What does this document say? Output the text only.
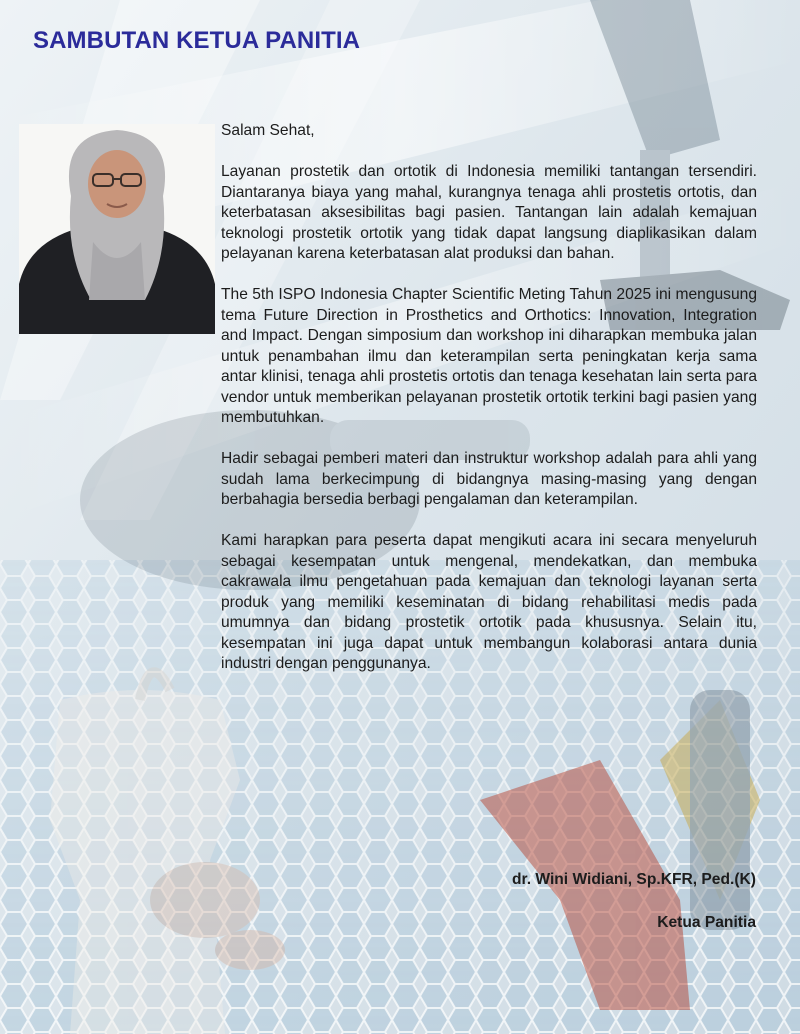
SAMBUTAN KETUA PANITIA

Salam Sehat,

Layanan prostetik dan ortotik di Indonesia memiliki tantangan tersendiri. Diantaranya biaya yang mahal, kurangnya tenaga ahli prostetis ortotis, dan keterbatasan aksesibilitas bagi pasien. Tantangan lain adalah kemajuan teknologi prostetik ortotik yang tidak dapat langsung diaplikasikan dalam pelayanan karena keterbatasan alat produksi dan bahan.

The 5th ISPO Indonesia Chapter Scientific Meting Tahun 2025 ini mengusung tema Future Direction in Prosthetics and Orthotics: Innovation, Integration and Impact. Dengan simposium dan workshop ini diharapkan membuka jalan untuk penambahan ilmu dan keterampilan serta peningkatan kerja sama antar klinisi, tenaga ahli prostetis ortotis dan tenaga kesehatan lain serta para vendor untuk memberikan pelayanan prostetik ortotik terkini bagi pasien yang membutuhkan.

Hadir sebagai pemberi materi dan instruktur workshop adalah para ahli yang sudah lama berkecimpung di bidangnya masing-masing yang dengan berbahagia bersedia berbagi pengalaman dan keterampilan.

Kami harapkan para peserta dapat mengikuti acara ini secara menyeluruh sebagai kesempatan untuk mengenal, mendekatkan, dan membuka cakrawala ilmu pengetahuan pada kemajuan dan teknologi layanan serta produk yang memiliki keseminatan di bidang rehabilitasi medis pada umumnya dan bidang prostetik ortotik pada khususnya. Selain itu, kesempatan ini juga dapat untuk membangun kolaborasi antara dunia industri dengan penggunanya.

dr. Wini Widiani, Sp.KFR, Ped.(K)
Ketua Panitia
